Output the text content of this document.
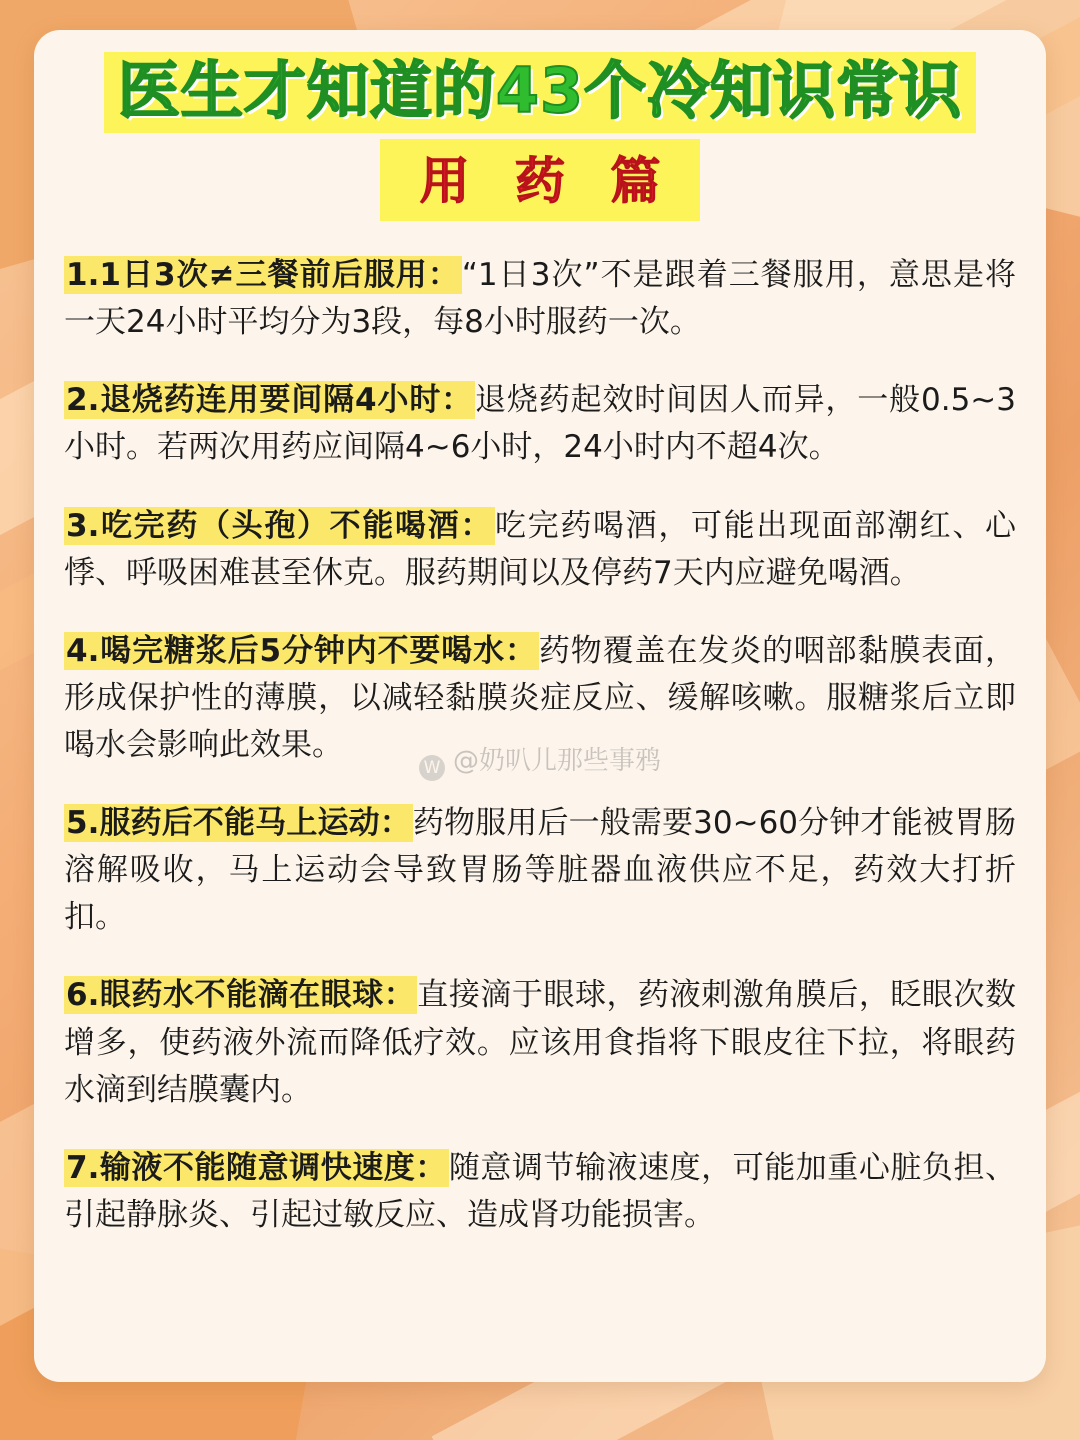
医生才知道的43个冷知识常识
用 药 篇

1.1日3次≠三餐前后服用：“1日3次”不是跟着三餐服用，意思是将一天24小时平均分为3段，每8小时服药一次。

2.退烧药连用要间隔4小时：退烧药起效时间因人而异，一般0.5~3小时。若两次用药应间隔4~6小时，24小时内不超4次。

3.吃完药（头孢）不能喝酒：吃完药喝酒，可能出现面部潮红、心悸、呼吸困难甚至休克。服药期间以及停药7天内应避免喝酒。

4.喝完糖浆后5分钟内不要喝水：药物覆盖在发炎的咽部黏膜表面，形成保护性的薄膜，以减轻黏膜炎症反应、缓解咳嗽。服糖浆后立即喝水会影响此效果。

5.服药后不能马上运动：药物服用后一般需要30~60分钟才能被胃肠溶解吸收，马上运动会导致胃肠等脏器血液供应不足，药效大打折扣。

6.眼药水不能滴在眼球：直接滴于眼球，药液刺激角膜后，眨眼次数增多，使药液外流而降低疗效。应该用食指将下眼皮往下拉，将眼药水滴到结膜囊内。

7.输液不能随意调快速度：随意调节输液速度，可能加重心脏负担、引起静脉炎、引起过敏反应、造成肾功能损害。

W @奶叭儿那些事鸦
